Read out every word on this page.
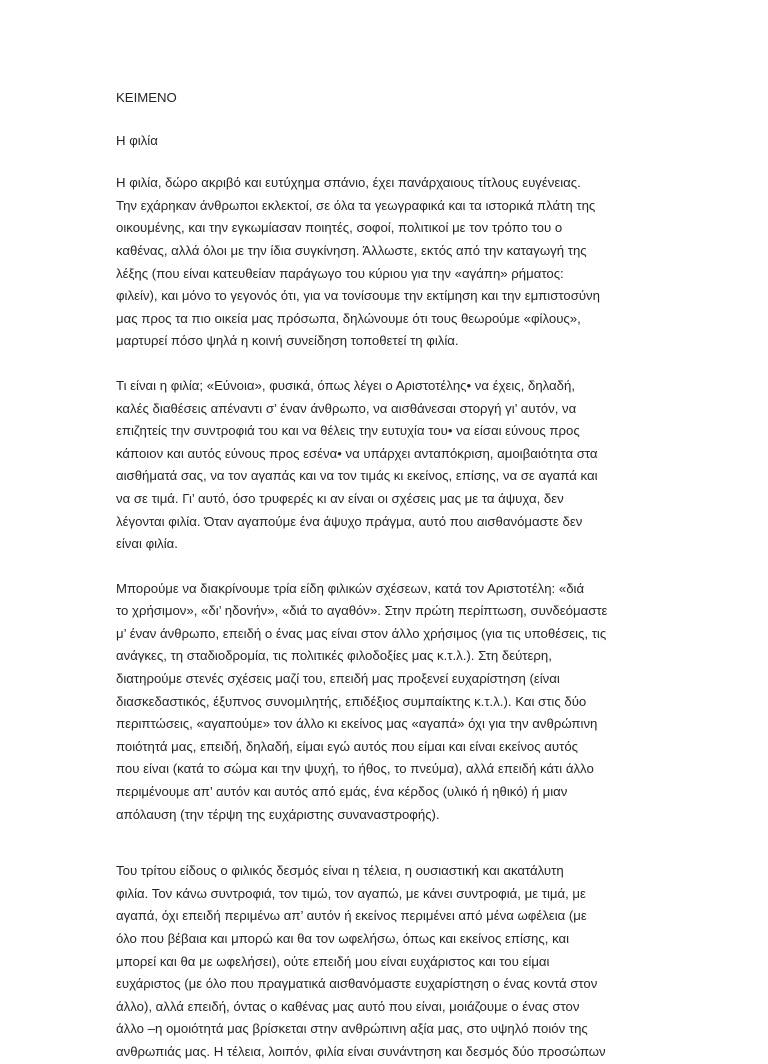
ΚΕΙΜΕΝΟ
Η φιλία
Η φιλία, δώρο ακριβό και ευτύχημα σπάνιο, έχει πανάρχαιους τίτλους ευγένειας.
Την εχάρηκαν άνθρωποι εκλεκτοί, σε όλα τα γεωγραφικά και τα ιστορικά πλάτη της
οικουμένης, και την εγκωμίασαν ποιητές, σοφοί, πολιτικοί με τον τρόπο του ο
καθένας, αλλά όλοι με την ίδια συγκίνηση. Άλλωστε, εκτός από την καταγωγή της
λέξης (που είναι κατευθείαν παράγωγο του κύριου για την «αγάπη» ρήματος:
φιλείν), και μόνο το γεγονός ότι, για να τονίσουμε την εκτίμηση και την εμπιστοσύνη
μας προς τα πιο οικεία μας πρόσωπα, δηλώνουμε ότι τους θεωρούμε «φίλους»,
μαρτυρεί πόσο ψηλά η κοινή συνείδηση τοποθετεί τη φιλία.
Τι είναι η φιλία; «Εύνοια», φυσικά, όπως λέγει ο Αριστοτέλης• να έχεις, δηλαδή,
καλές διαθέσεις απέναντι σ’ έναν άνθρωπο, να αισθάνεσαι στοργή γι’ αυτόν, να
επιζητείς την συντροφιά του και να θέλεις την ευτυχία του• να είσαι εύνους προς
κάποιον και αυτός εύνους προς εσένα• να υπάρχει ανταπόκριση, αμοιβαιότητα στα
αισθήματά σας, να τον αγαπάς και να τον τιμάς κι εκείνος, επίσης, να σε αγαπά και
να σε τιμά. Γι’ αυτό, όσο τρυφερές κι αν είναι οι σχέσεις μας με τα άψυχα, δεν
λέγονται φιλία. Όταν αγαπούμε ένα άψυχο πράγμα, αυτό που αισθανόμαστε δεν
είναι φιλία.
Μπορούμε να διακρίνουμε τρία είδη φιλικών σχέσεων, κατά τον Αριστοτέλη: «διά
το χρήσιμον», «δι’ ηδονήν», «διά το αγαθόν». Στην πρώτη περίπτωση, συνδεόμαστε
μ’ έναν άνθρωπο, επειδή ο ένας μας είναι στον άλλο χρήσιμος (για τις υποθέσεις, τις
ανάγκες, τη σταδιοδρομία, τις πολιτικές φιλοδοξίες μας κ.τ.λ.). Στη δεύτερη,
διατηρούμε στενές σχέσεις μαζί του, επειδή μας προξενεί ευχαρίστηση (είναι
διασκεδαστικός, έξυπνος συνομιλητής, επιδέξιος συμπαίκτης κ.τ.λ.). Και στις δύο
περιπτώσεις, «αγαπούμε» τον άλλο κι εκείνος μας «αγαπά» όχι για την ανθρώπινη
ποιότητά μας, επειδή, δηλαδή, είμαι εγώ αυτός που είμαι και είναι εκείνος αυτός
που είναι (κατά το σώμα και την ψυχή, το ήθος, το πνεύμα), αλλά επειδή κάτι άλλο
περιμένουμε απ’ αυτόν και αυτός από εμάς, ένα κέρδος (υλικό ή ηθικό) ή μιαν
απόλαυση (την τέρψη της ευχάριστης συναναστροφής).
Του τρίτου είδους ο φιλικός δεσμός είναι η τέλεια, η ουσιαστική και ακατάλυτη
φιλία. Τον κάνω συντροφιά, τον τιμώ, τον αγαπώ, με κάνει συντροφιά, με τιμά, με
αγαπά, όχι επειδή περιμένω απ’ αυτόν ή εκείνος περιμένει από μένα ωφέλεια (με
όλο που βέβαια και μπορώ και θα τον ωφελήσω, όπως και εκείνος επίσης, και
μπορεί και θα με ωφελήσει), ούτε επειδή μου είναι ευχάριστος και του είμαι
ευχάριστος (με όλο που πραγματικά αισθανόμαστε ευχαρίστηση ο ένας κοντά στον
άλλο), αλλά επειδή, όντας ο καθένας μας αυτό που είναι, μοιάζουμε ο ένας στον
άλλο –η ομοιότητά μας βρίσκεται στην ανθρώπινη αξία μας, στο υψηλό ποιόν της
ανθρωπιάς μας. Η τέλεια, λοιπόν, φιλία είναι συνάντηση και δεσμός δύο προσώπων
